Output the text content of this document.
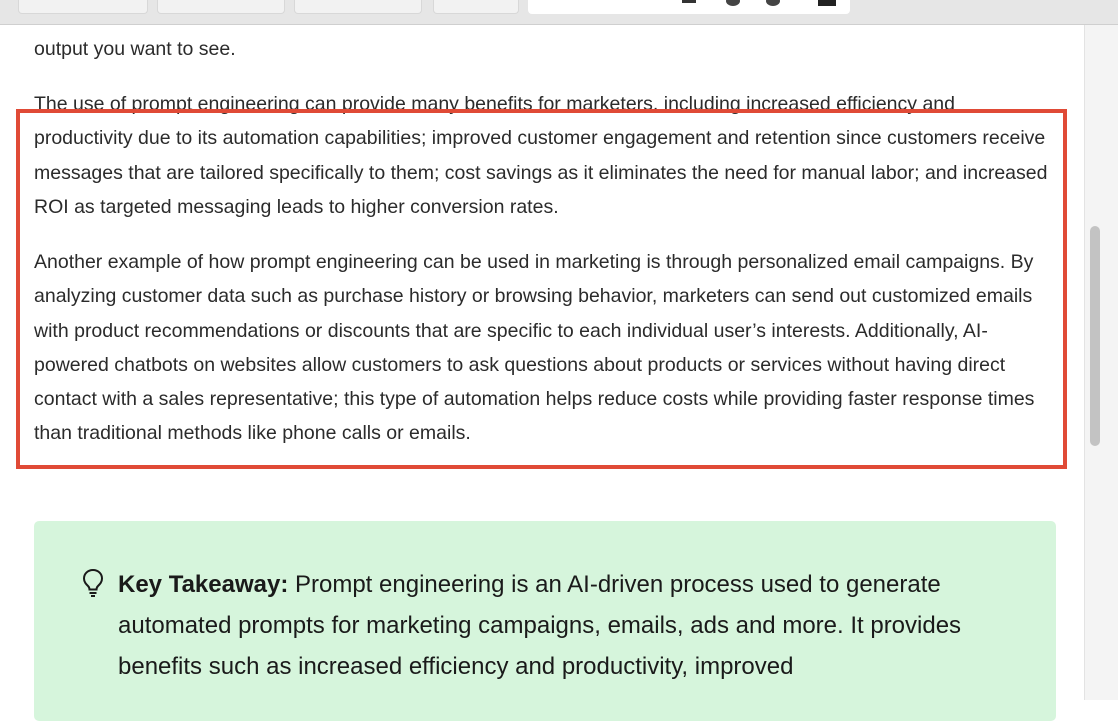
output you want to see.

The use of prompt engineering can provide many benefits for marketers, including increased efficiency and productivity due to its automation capabilities; improved customer engagement and retention since customers receive messages that are tailored specifically to them; cost savings as it eliminates the need for manual labor; and increased ROI as targeted messaging leads to higher conversion rates.

Another example of how prompt engineering can be used in marketing is through personalized email campaigns. By analyzing customer data such as purchase history or browsing behavior, marketers can send out customized emails with product recommendations or discounts that are specific to each individual user’s interests. Additionally, AI-powered chatbots on websites allow customers to ask questions about products or services without having direct contact with a sales representative; this type of automation helps reduce costs while providing faster response times than traditional methods like phone calls or emails.

Key Takeaway: Prompt engineering is an AI-driven process used to generate automated prompts for marketing campaigns, emails, ads and more. It provides benefits such as increased efficiency and productivity, improved
